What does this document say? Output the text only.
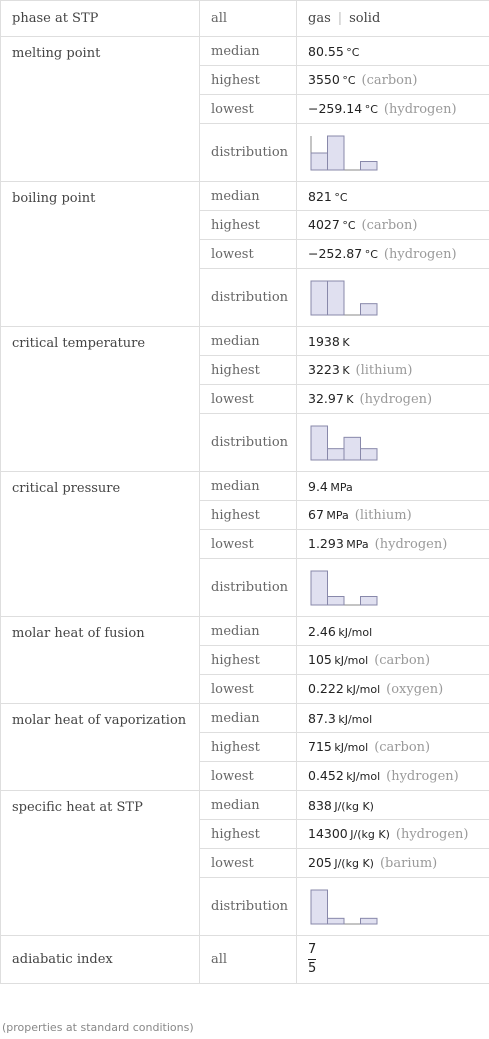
phase at STP	all	gas | solid
melting point	median	80.55  °C
	highest	3550  °C (carbon)
	lowest	−259.14  °C (hydrogen)
	distribution	

boiling point	median	821  °C
	highest	4027  °C (carbon)
	lowest	−252.87  °C (hydrogen)
	distribution	

critical temperature	median	1938  K
	highest	3223  K (lithium)
	lowest	32.97  K (hydrogen)
	distribution	

critical pressure	median	9.4  MPa
	highest	67  MPa (lithium)
	lowest	1.293  MPa (hydrogen)
	distribution	

molar heat of fusion	median	2.46  kJ/mol
	highest	105  kJ/mol (carbon)
	lowest	0.222  kJ/mol (oxygen)
molar heat of vaporization	median	87.3  kJ/mol
	highest	715  kJ/mol (carbon)
	lowest	0.452  kJ/mol (hydrogen)
specific heat at STP	median	838  J/(kg K)
	highest	14300  J/(kg K) (hydrogen)
	lowest	205  J/(kg K) (barium)
	distribution	

adiabatic index	all	$\frac{7}{5}$
(properties at standard conditions)
